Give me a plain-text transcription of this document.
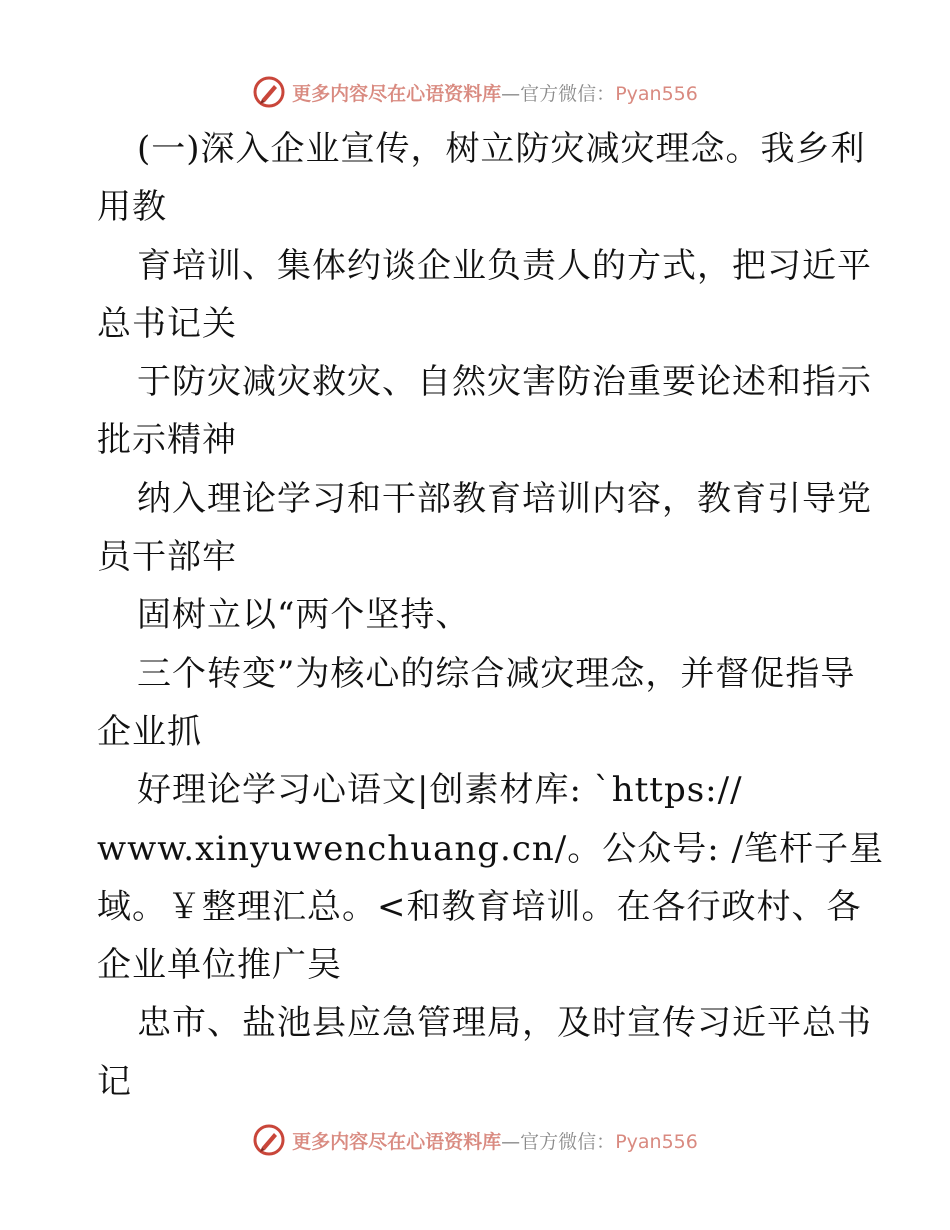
更多内容尽在心语资料库—官方微信：Pyan556
(一)深入企业宣传，树立防灾减灾理念。我乡利
用教
育培训、集体约谈企业负责人的方式，把习近平
总书记关
于防灾减灾救灾、自然灾害防治重要论述和指示
批示精神
纳入理论学习和干部教育培训内容，教育引导党
员干部牢
固树立以“两个坚持、
三个转变”为核心的综合减灾理念，并督促指导
企业抓
好理论学习心语文|创素材库: `https://
www.xinyuwenchuang.cn/。公众号: /笔杆子星
域。￥整理汇总。<和教育培训。在各行政村、各
企业单位推广吴
忠市、盐池县应急管理局，及时宣传习近平总书
记
更多内容尽在心语资料库—官方微信：Pyan556
